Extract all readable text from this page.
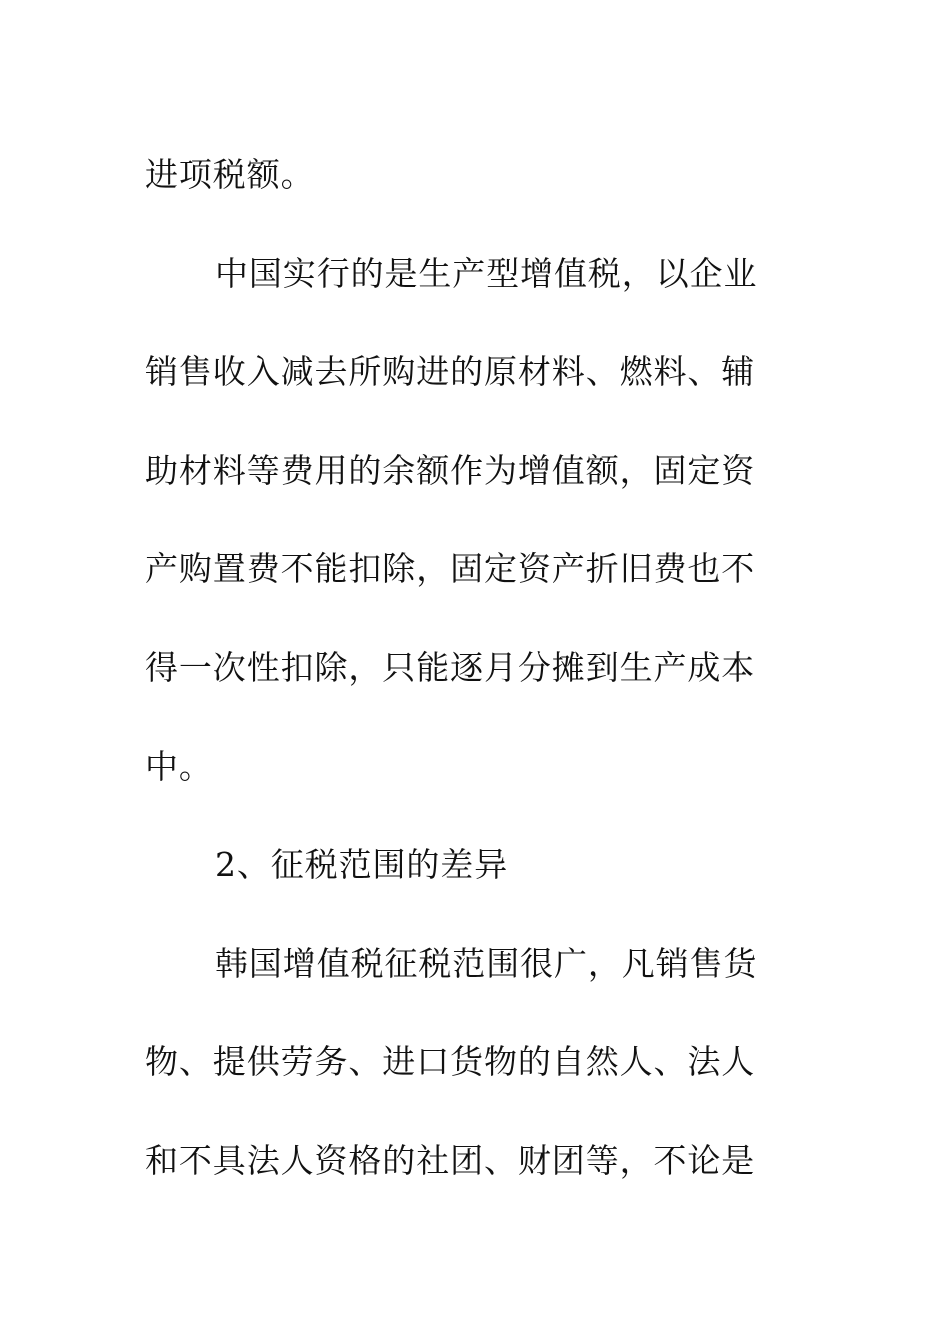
进项税额。
中国实行的是生产型增值税，以企业
销售收入减去所购进的原材料、燃料、辅
助材料等费用的余额作为增值额，固定资
产购置费不能扣除，固定资产折旧费也不
得一次性扣除，只能逐月分摊到生产成本
中。
2、征税范围的差异
韩国增值税征税范围很广，凡销售货
物、提供劳务、进口货物的自然人、法人
和不具法人资格的社团、财团等，不论是
